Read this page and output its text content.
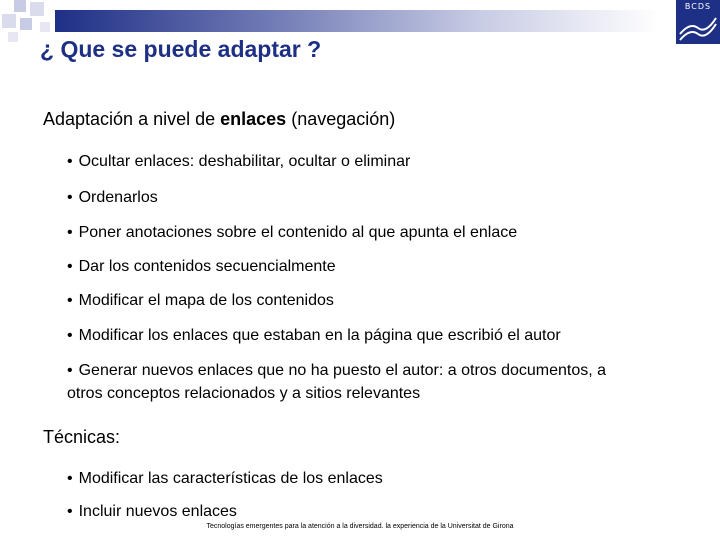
BCDS
¿ Que se puede adaptar ?

Adaptación a nivel de enlaces (navegación)

• Ocultar enlaces: deshabilitar, ocultar o eliminar

• Ordenarlos

• Poner anotaciones sobre el contenido al que apunta el enlace

• Dar los contenidos secuencialmente

• Modificar el mapa de los contenidos

• Modificar los enlaces que estaban en la página que escribió el autor

• Generar nuevos enlaces que no ha puesto el autor: a otros documentos, a otros conceptos relacionados y a sitios relevantes

Técnicas:

• Modificar las características de los enlaces

• Incluir nuevos enlaces

Tecnologías emergentes para la atención a la diversidad. la experiencia de la Universitat de Girona
